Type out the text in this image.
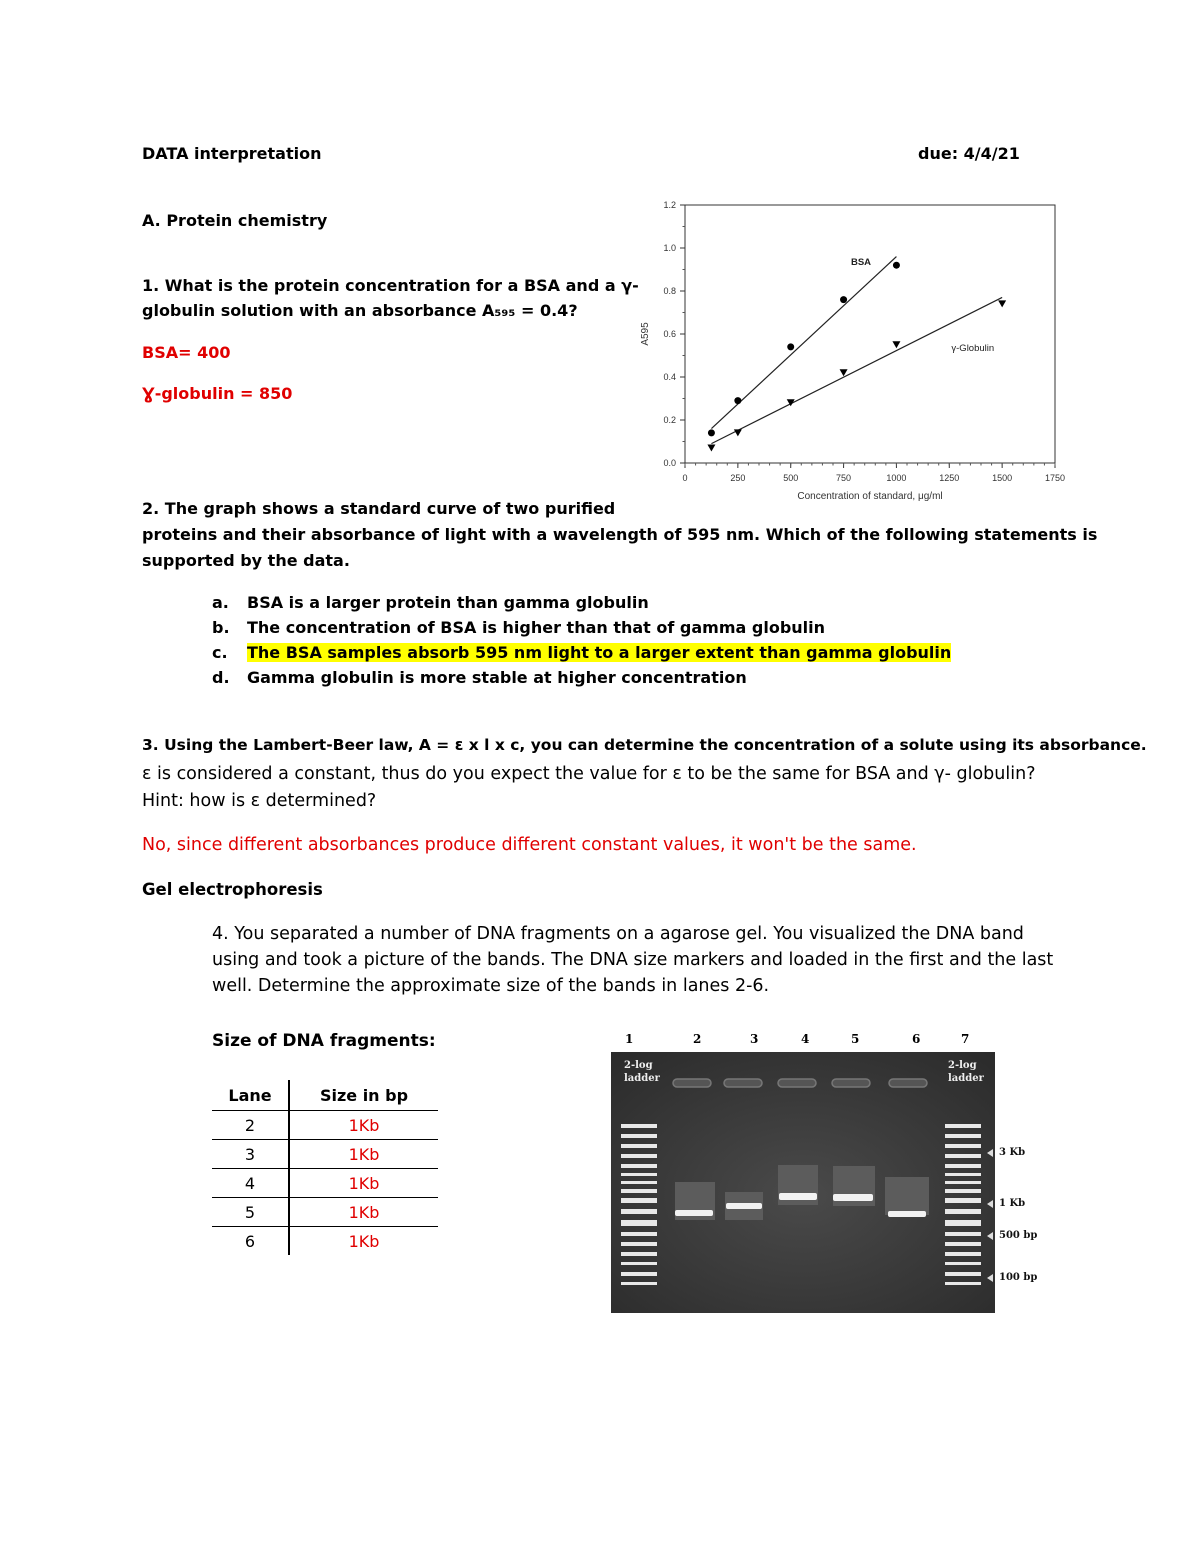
DATA interpretation	due: 4/4/21
A. Protein chemistry
1. What is the protein concentration for a BSA and a γ-
globulin solution with an absorbance A₅₉₅ = 0.4?
BSA= 400
Ɣ-globulin = 850
0	250	500	750	1000	1250	1500	1750
0.0
0.2
0.4
0.6
0.8
1.0
1.2
Concentration of standard, μg/ml
A595
BSA
γ-Globulin
2. The graph shows a standard curve of two purified
proteins and their absorbance of light with a wavelength of 595 nm. Which of the following statements is
supported by the data.
a. BSA is a larger protein than gamma globulin
b. The concentration of BSA is higher than that of gamma globulin
c. The BSA samples absorb 595 nm light to a larger extent than gamma globulin
d. Gamma globulin is more stable at higher concentration
3. Using the Lambert-Beer law, A = ε x l x c, you can determine the concentration of a solute using its absorbance.
ε is considered a constant, thus do you expect the value for ε to be the same for BSA and γ- globulin?
Hint: how is ε determined?
No, since different absorbances produce different constant values, it won't be the same.
Gel electrophoresis
4. You separated a number of DNA fragments on a agarose gel. You visualized the DNA band
using and took a picture of the bands. The DNA size markers and loaded in the first and the last
well. Determine the approximate size of the bands in lanes 2-6.
Size of DNA fragments:
Lane	Size in bp
2	1Kb
3	1Kb
4	1Kb
5	1Kb
6	1Kb
1	2	3	4	5	6	7
2-log
ladder
2-log
ladder
3 Kb
1 Kb
500 bp
100 bp
